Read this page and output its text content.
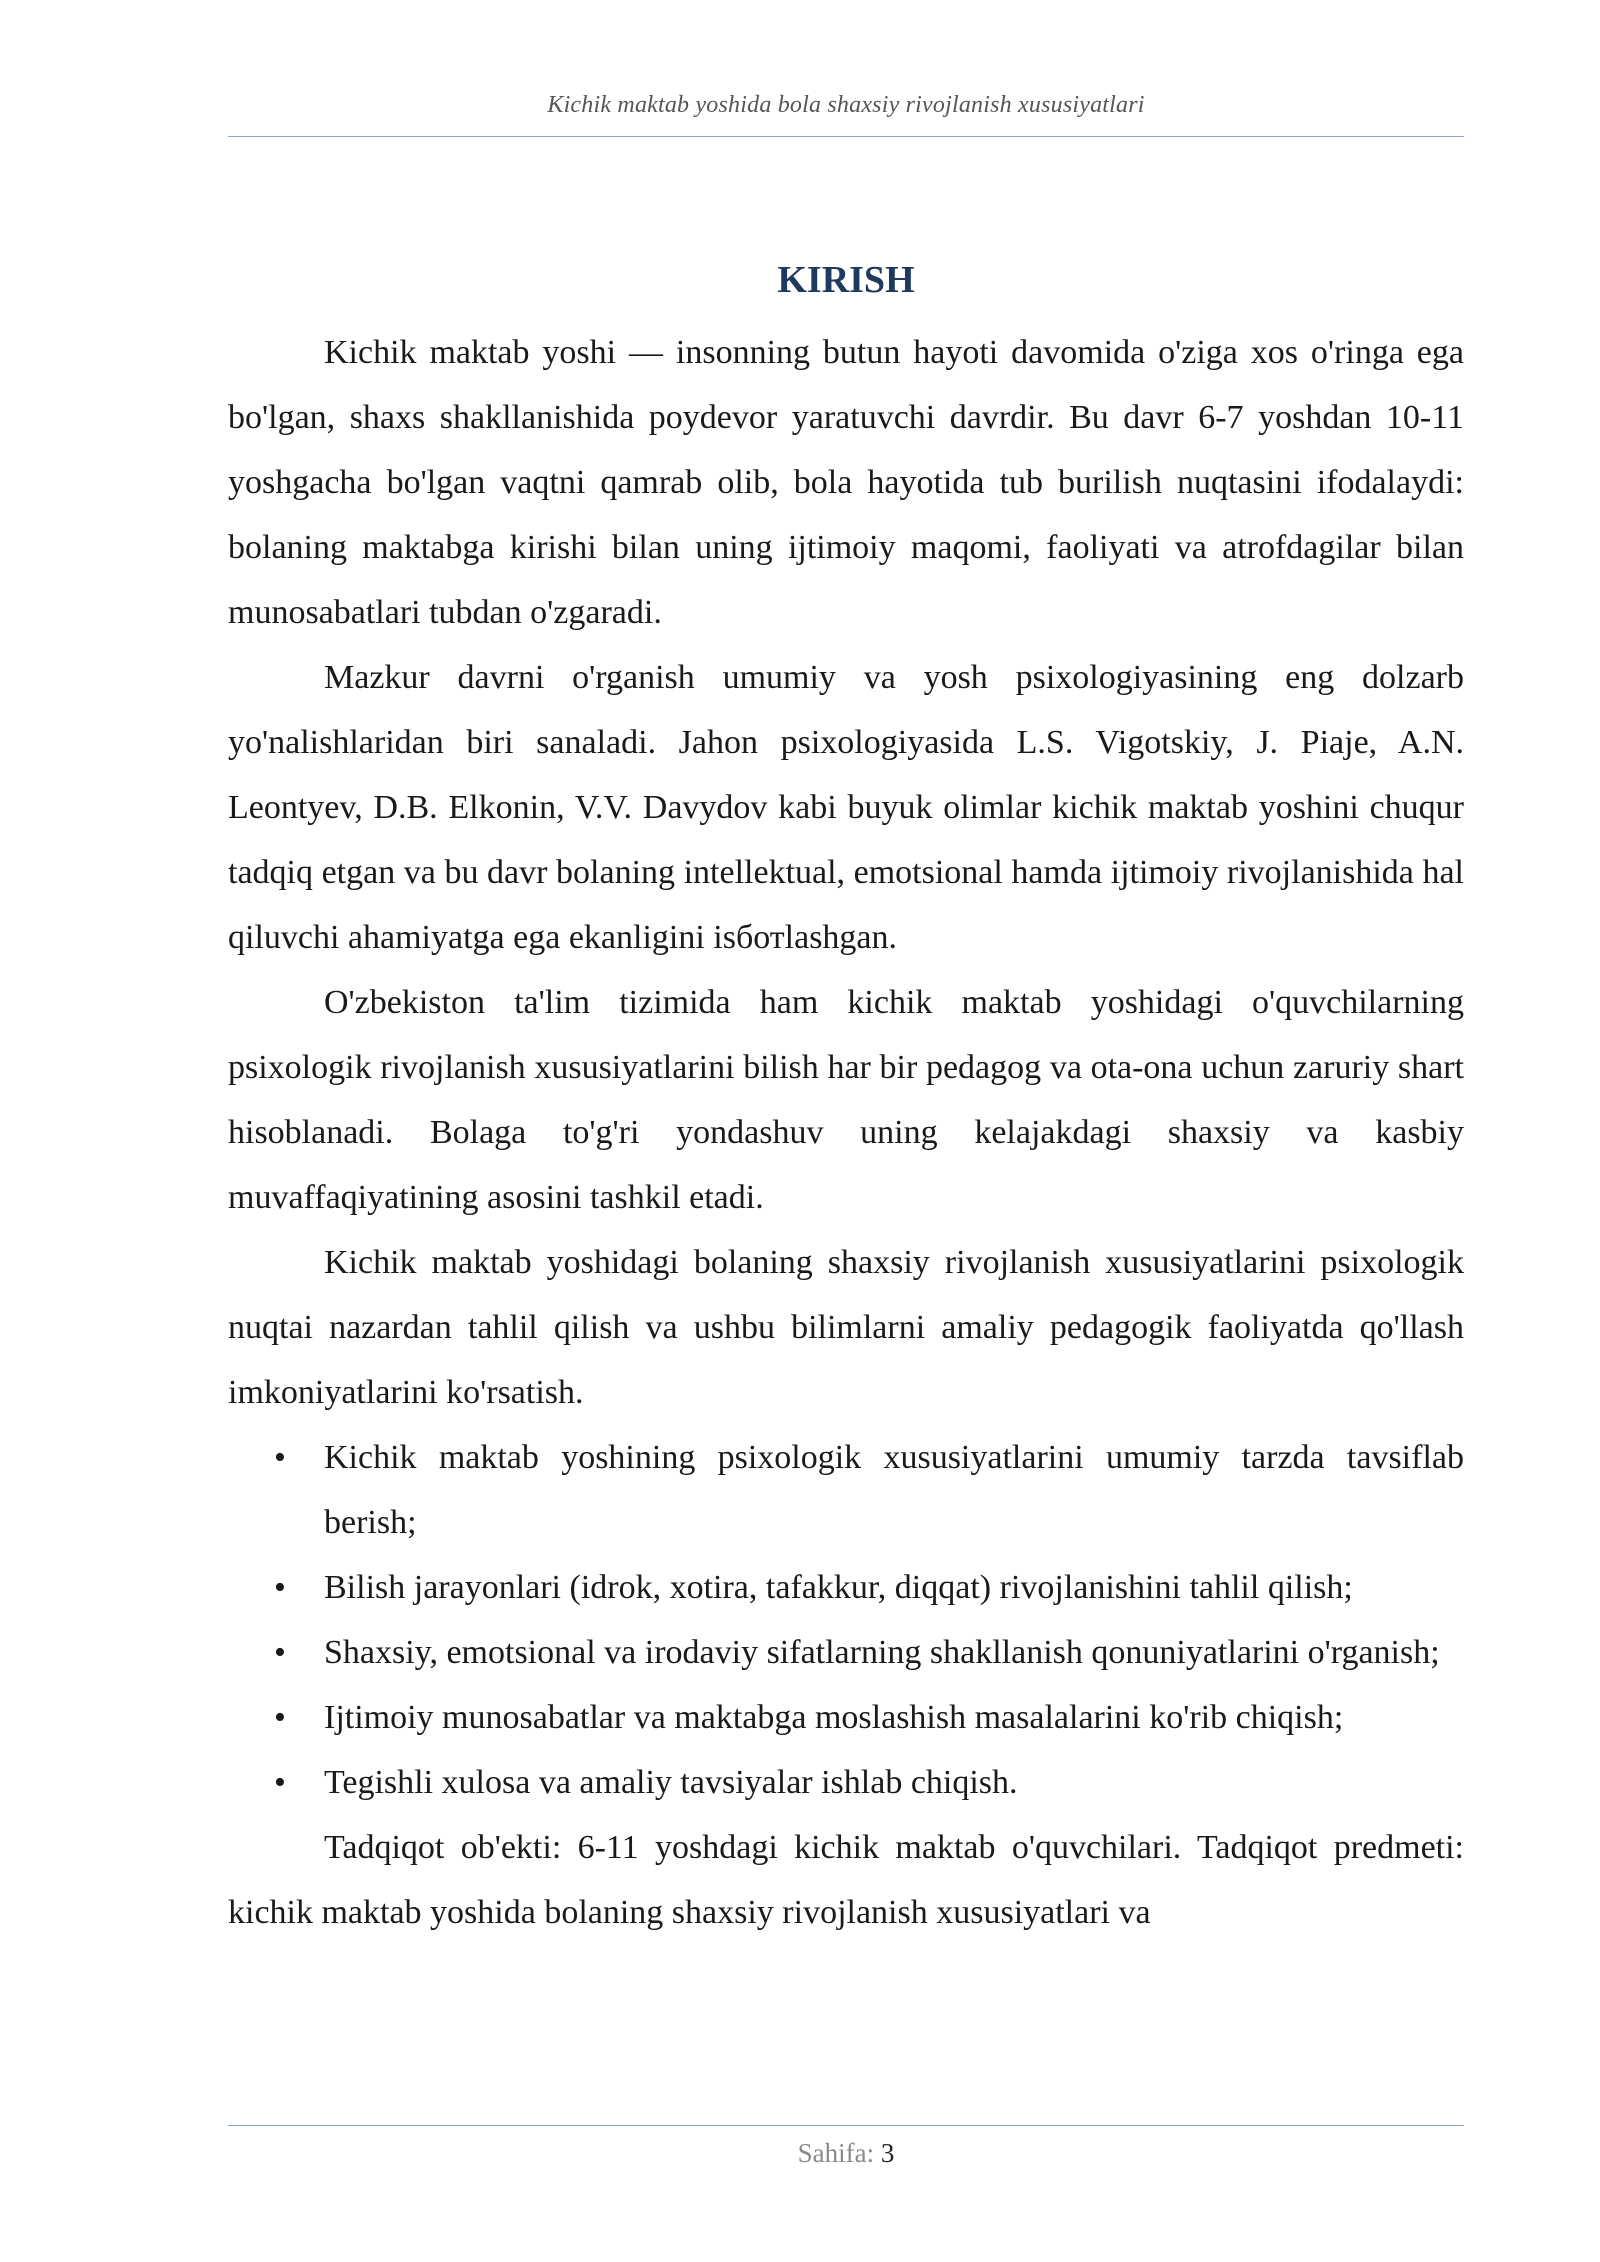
Kichik maktab yoshida bola shaxsiy rivojlanish xususiyatlari
KIRISH

Kichik maktab yoshi — insonning butun hayoti davomida o'ziga xos o'ringa ega bo'lgan, shaxs shakllanishida poydevor yaratuvchi davrdir. Bu davr 6-7 yoshdan 10-11 yoshgacha bo'lgan vaqtni qamrab olib, bola hayotida tub burilish nuqtasini ifodalaydi: bolaning maktabga kirishi bilan uning ijtimoiy maqomi, faoliyati va atrofdagilar bilan munosabatlari tubdan o'zgaradi.

Mazkur davrni o'rganish umumiy va yosh psixologiyasining eng dolzarb yo'nalishlaridan biri sanaladi. Jahon psixologiyasida L.S. Vigotskiy, J. Piaje, A.N. Leontyev, D.B. Elkonin, V.V. Davydov kabi buyuk olimlar kichik maktab yoshini chuqur tadqiq etgan va bu davr bolaning intellektual, emotsional hamda ijtimoiy rivojlanishida hal qiluvchi ahamiyatga ega ekanligini isботlashgan.

O'zbekiston ta'lim tizimida ham kichik maktab yoshidagi o'quvchilarning psixologik rivojlanish xususiyatlarini bilish har bir pedagog va ota-ona uchun zaruriy shart hisoblanadi. Bolaga to'g'ri yondashuv uning kelajakdagi shaxsiy va kasbiy muvaffaqiyatining asosini tashkil etadi.

Kichik maktab yoshidagi bolaning shaxsiy rivojlanish xususiyatlarini psixologik nuqtai nazardan tahlil qilish va ushbu bilimlarni amaliy pedagogik faoliyatda qo'llash imkoniyatlarini ko'rsatish.

• Kichik maktab yoshining psixologik xususiyatlarini umumiy tarzda tavsiflab berish;
• Bilish jarayonlari (idrok, xotira, tafakkur, diqqat) rivojlanishini tahlil qilish;
• Shaxsiy, emotsional va irodaviy sifatlarning shakllanish qonuniyatlarini o'rganish;
• Ijtimoiy munosabatlar va maktabga moslashish masalalarini ko'rib chiqish;
• Tegishli xulosa va amaliy tavsiyalar ishlab chiqish.

Tadqiqot ob'ekti: 6-11 yoshdagi kichik maktab o'quvchilari. Tadqiqot predmeti: kichik maktab yoshida bolaning shaxsiy rivojlanish xususiyatlari va

Sahifa: 3
